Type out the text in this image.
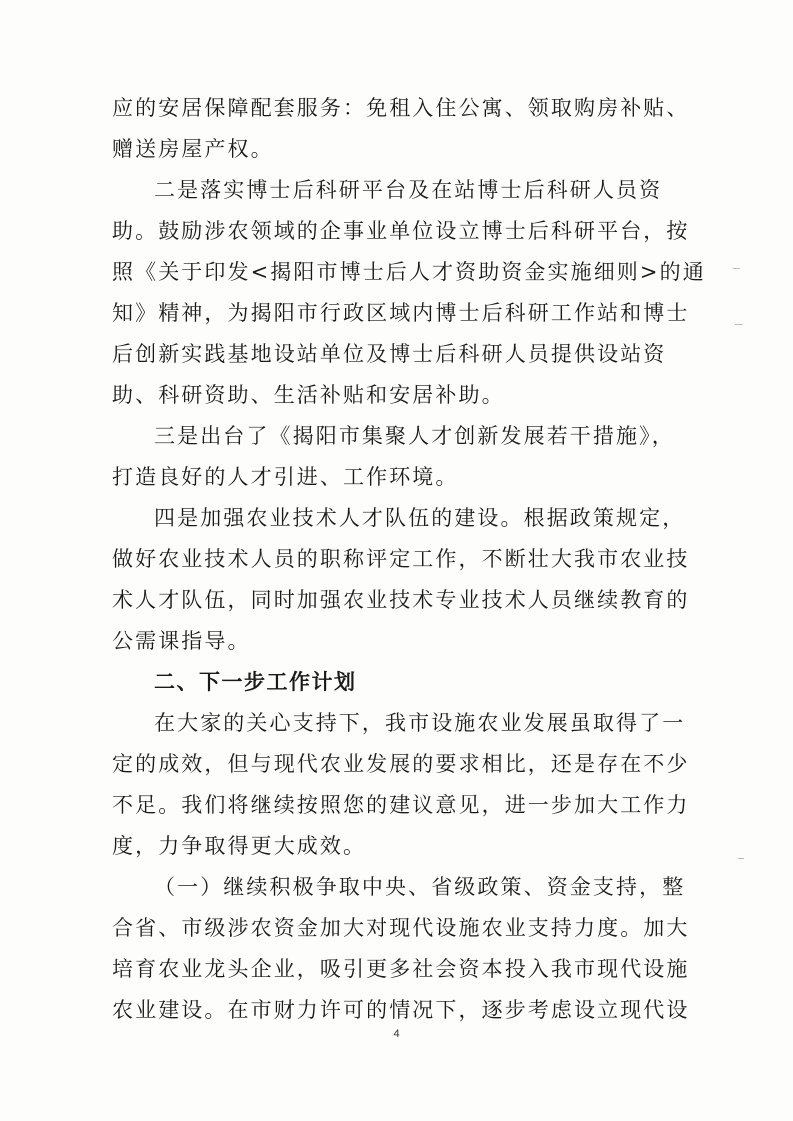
应的安居保障配套服务：免租入住公寓、领取购房补贴、
赠送房屋产权。
二是落实博士后科研平台及在站博士后科研人员资
助。鼓励涉农领域的企事业单位设立博士后科研平台，按
照《关于印发<揭阳市博士后人才资助资金实施细则>的通
知》精神，为揭阳市行政区域内博士后科研工作站和博士
后创新实践基地设站单位及博士后科研人员提供设站资
助、科研资助、生活补贴和安居补助。
三是出台了《揭阳市集聚人才创新发展若干措施》，
打造良好的人才引进、工作环境。
四是加强农业技术人才队伍的建设。根据政策规定，
做好农业技术人员的职称评定工作，不断壮大我市农业技
术人才队伍，同时加强农业技术专业技术人员继续教育的
公需课指导。
二、下一步工作计划
在大家的关心支持下，我市设施农业发展虽取得了一
定的成效，但与现代农业发展的要求相比，还是存在不少
不足。我们将继续按照您的建议意见，进一步加大工作力
度，力争取得更大成效。
（一）继续积极争取中央、省级政策、资金支持，整
合省、市级涉农资金加大对现代设施农业支持力度。加大
培育农业龙头企业，吸引更多社会资本投入我市现代设施
农业建设。在市财力许可的情况下，逐步考虑设立现代设
4
